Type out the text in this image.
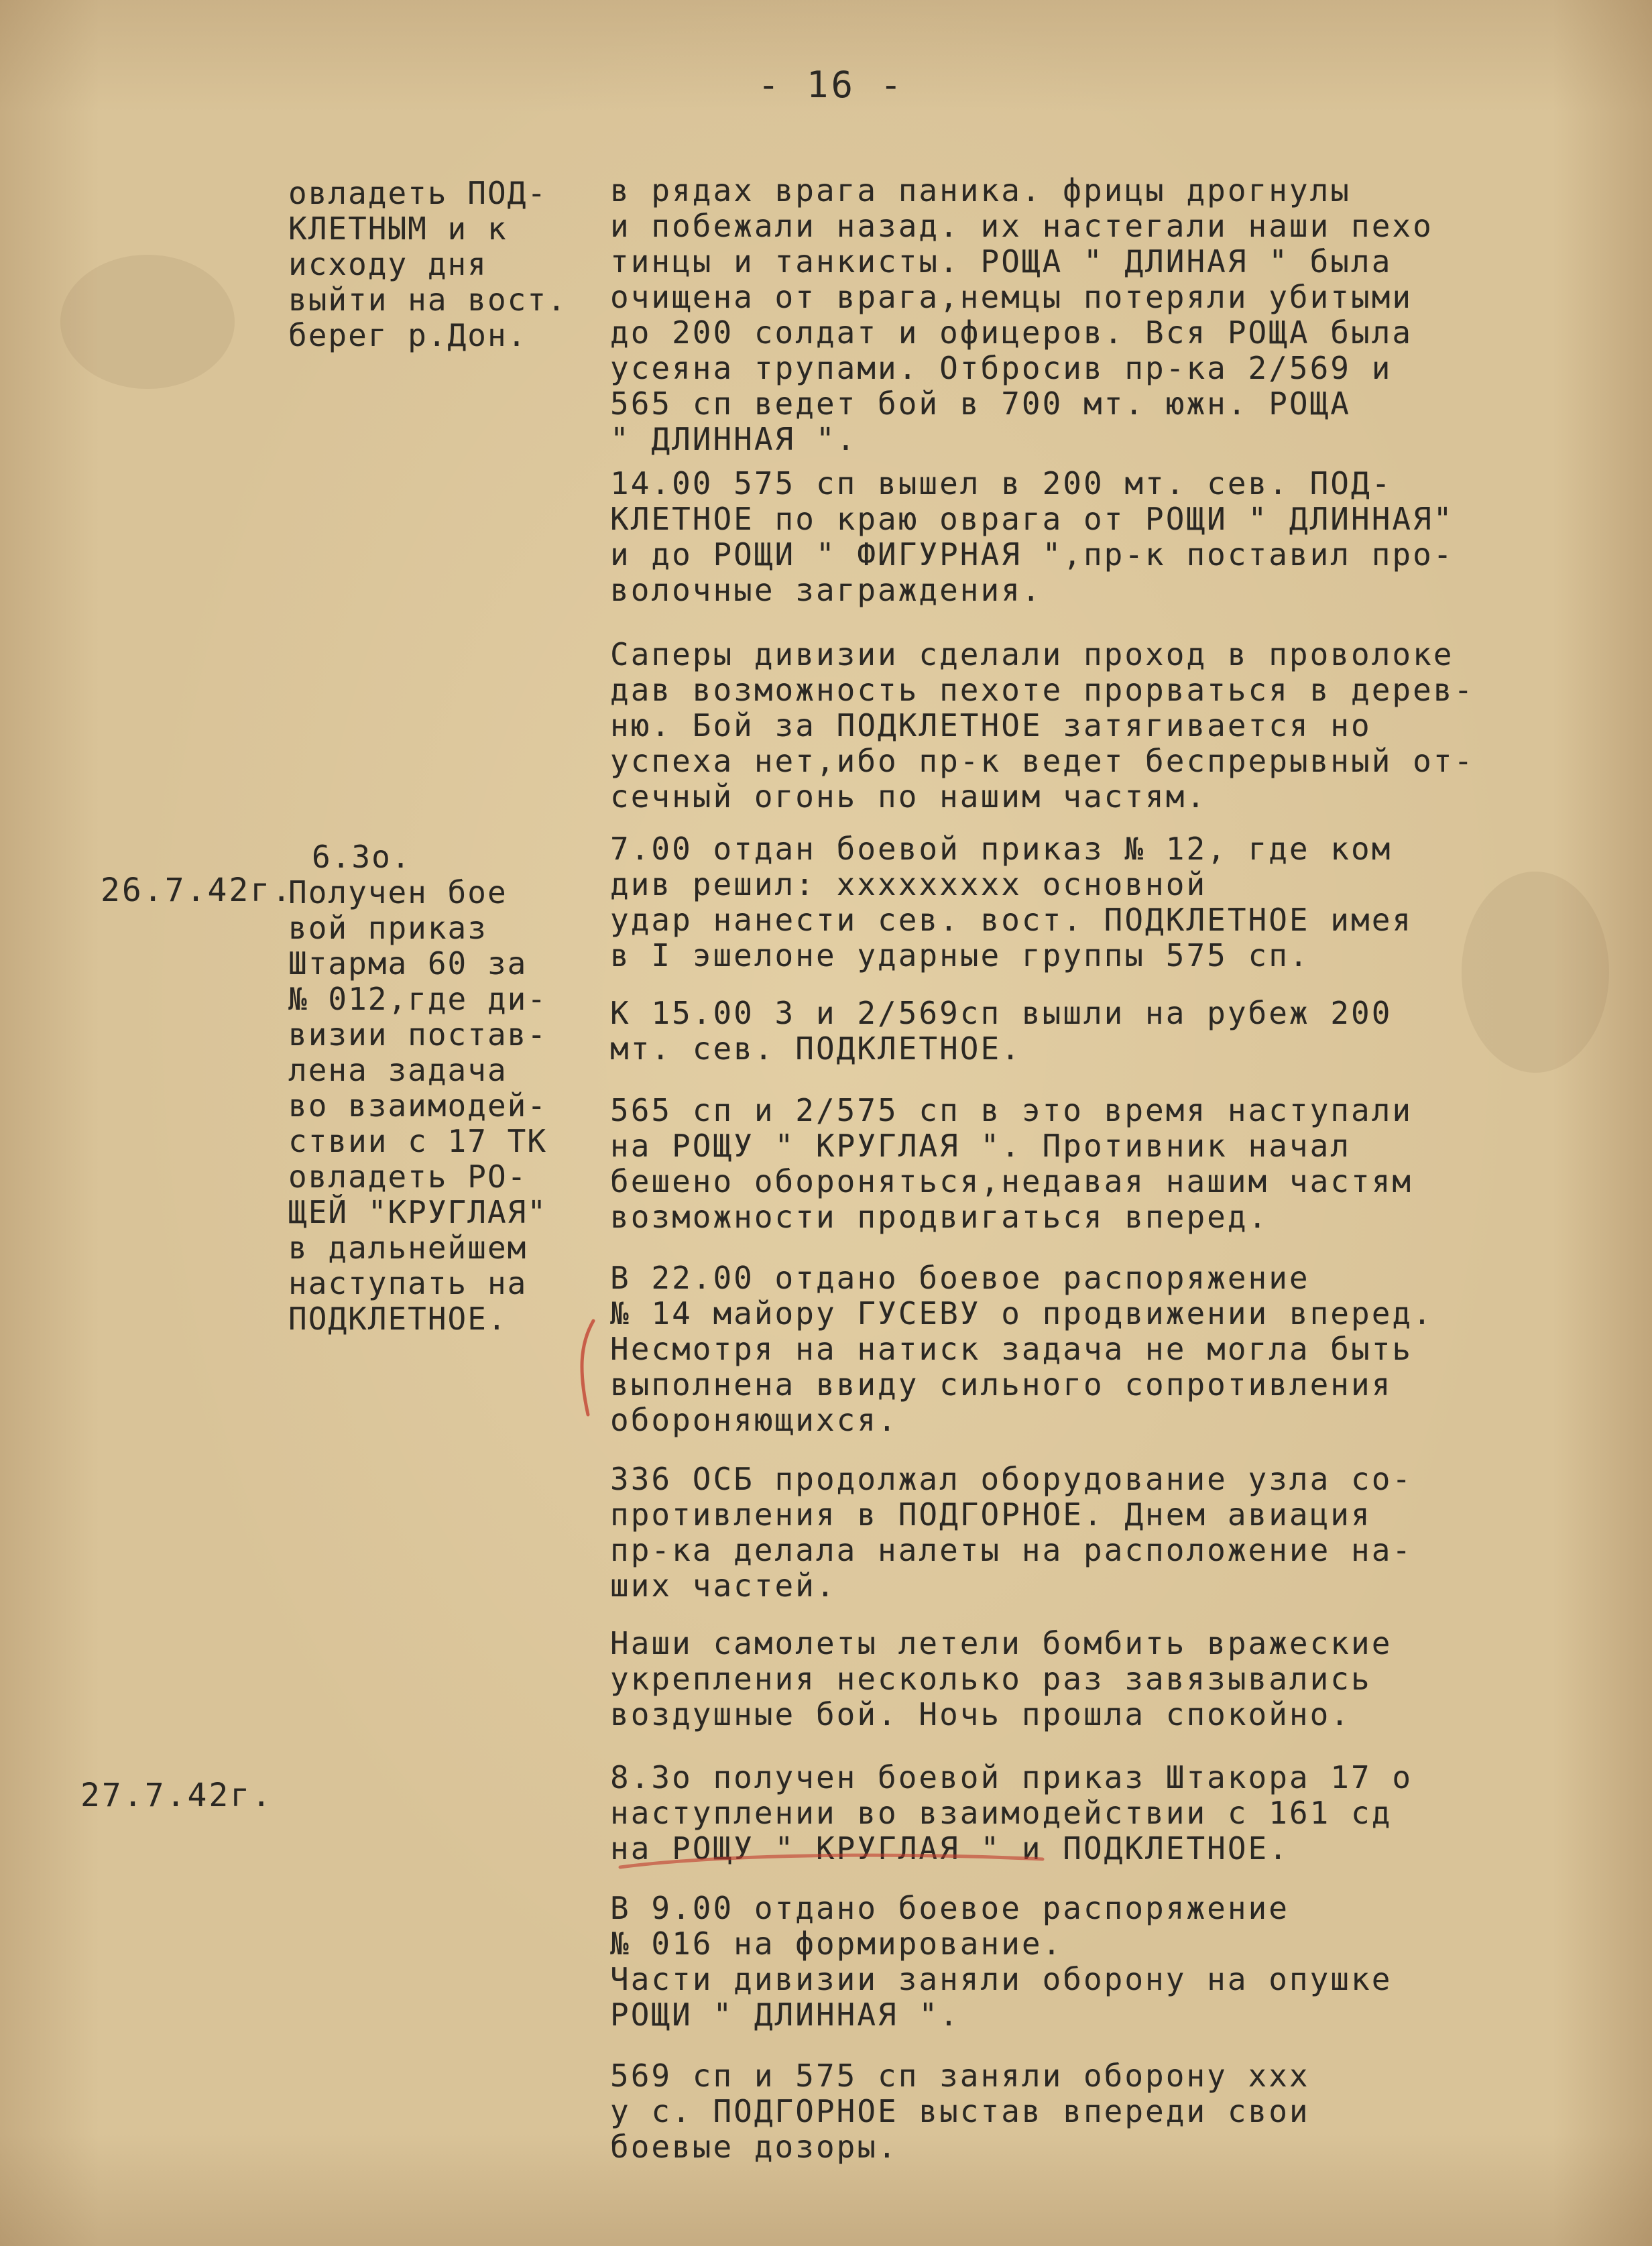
- 16 -
овладеть ПОД-
КЛЕТНЫМ и к
исходу дня
выйти на вост.
берег р.Дон.
в рядах врага паника. фрицы дрогнулы
и побежали назад. их настегали наши пехо
тинцы и танкисты. РОЩА " ДЛИНАЯ " была
очищена от врага,немцы потеряли убитыми
до 200 солдат и офицеров. Вся РОЩА была
усеяна трупами. Отбросив пр-ка 2/569 и
565 сп ведет бой в 700 мт. южн. РОЩА
" ДЛИННАЯ ".
14.00 575 сп вышел в 200 мт. сев. ПОД-
КЛЕТНОЕ по краю оврага от РОЩИ " ДЛИННАЯ"
и до РОЩИ " ФИГУРНАЯ ",пр-к поставил про-
волочные заграждения.
Саперы дивизии сделали проход в проволоке
дав возможность пехоте прорваться в дерев-
ню. Бой за ПОДКЛЕТНОЕ затягивается но
успеха нет,ибо пр-к ведет беспрерывный от-
сечный огонь по нашим частям.
26.7.42г.
6.3о.
Получен бое
вой приказ
Штарма 60 за
№ 012,где ди-
визии постав-
лена задача
во взаимодей-
ствии с 17 ТК
овладеть РО-
ЩЕЙ "КРУГЛАЯ"
в дальнейшем
наступать на
ПОДКЛЕТНОЕ.
7.00 отдан боевой приказ № 12, где ком
див решил: xxxxxxxxx основной
удар нанести сев. вост. ПОДКЛЕТНОЕ имея
в I эшелоне ударные группы 575 сп.
К 15.00 3 и 2/569сп вышли на рубеж 200
мт. сев. ПОДКЛЕТНОЕ.
565 сп и 2/575 сп в это время наступали
на РОЩУ " КРУГЛАЯ ". Противник начал
бешено обороняться,недавая нашим частям
возможности продвигаться вперед.
В 22.00 отдано боевое распоряжение
№ 14 майору ГУСЕВУ о продвижении вперед.
Несмотря на натиск задача не могла быть
выполнена ввиду сильного сопротивления
обороняющихся.
336 ОСБ продолжал оборудование узла со-
противления в ПОДГОРНОЕ. Днем авиация
пр-ка делала налеты на расположение на-
ших частей.
Наши самолеты летели бомбить вражеские
укрепления несколько раз завязывались
воздушные бой. Ночь прошла спокойно.
27.7.42г.	8.3о получен боевой приказ Штакора 17 о
наступлении во взаимодействии с 161 сд
на РОЩУ " КРУГЛАЯ " и ПОДКЛЕТНОЕ.
В 9.00 отдано боевое распоряжение
№ 016 на формирование.
Части дивизии заняли оборону на опушке
РОЩИ " ДЛИННАЯ ".
569 сп и 575 сп заняли оборону xxx
у с. ПОДГОРНОЕ выстав впереди свои
боевые дозоры.
